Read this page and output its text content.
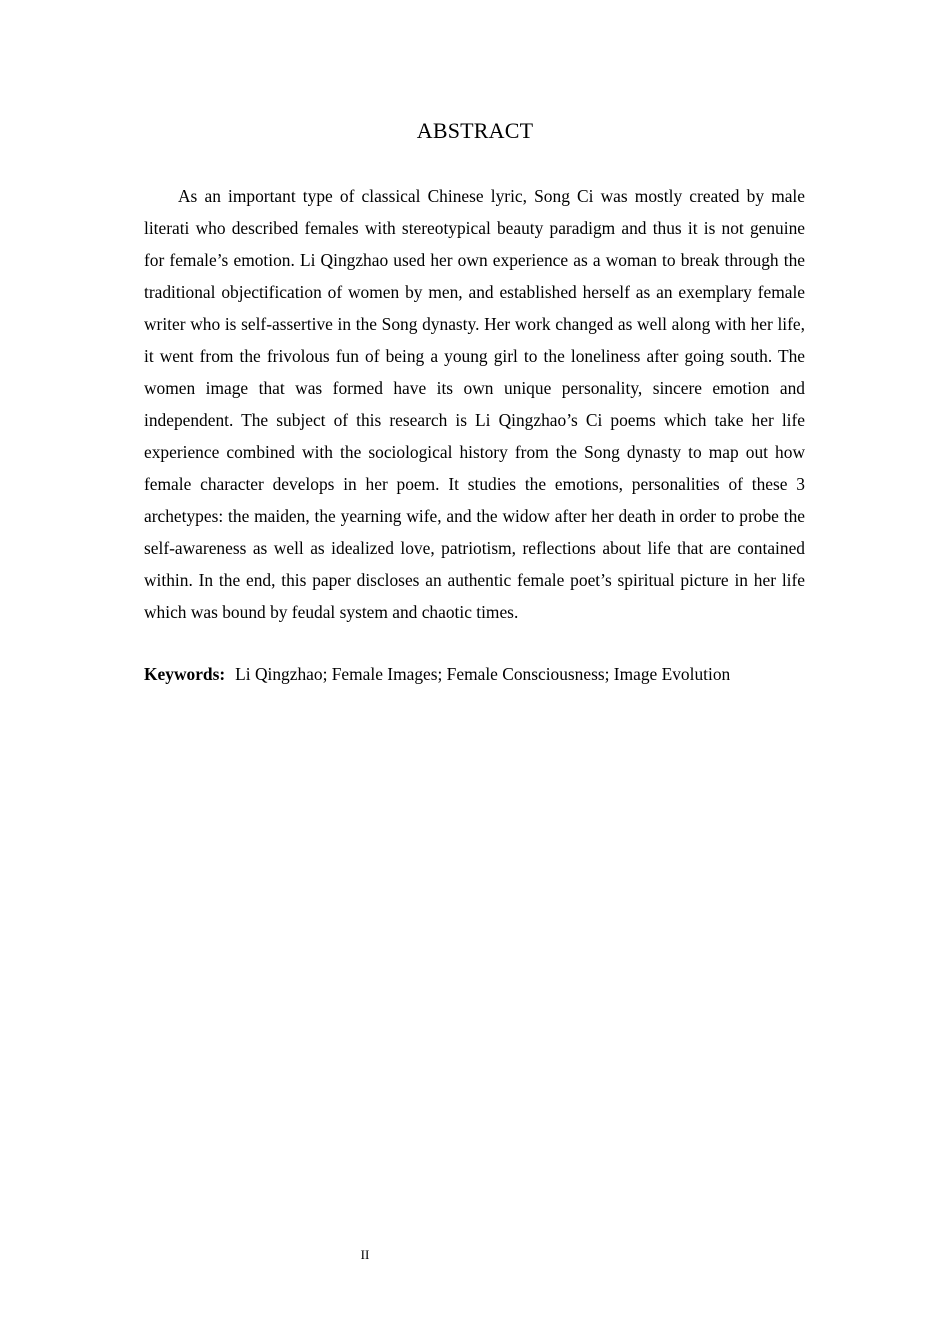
ABSTRACT

As an important type of classical Chinese lyric, Song Ci was mostly created by male literati who described females with stereotypical beauty paradigm and thus it is not genuine for female’s emotion. Li Qingzhao used her own experience as a woman to break through the traditional objectification of women by men, and established herself as an exemplary female writer who is self-assertive in the Song dynasty. Her work changed as well along with her life, it went from the frivolous fun of being a young girl to the loneliness after going south. The women image that was formed have its own unique personality, sincere emotion and independent. The subject of this research is Li Qingzhao’s Ci poems which take her life experience combined with the sociological history from the Song dynasty to map out how female character develops in her poem. It studies the emotions, personalities of these 3 archetypes: the maiden, the yearning wife, and the widow after her death in order to probe the self-awareness as well as idealized love, patriotism, reflections about life that are contained within. In the end, this paper discloses an authentic female poet’s spiritual picture in her life which was bound by feudal system and chaotic times.

Keywords: Li Qingzhao; Female Images; Female Consciousness; Image Evolution

II
